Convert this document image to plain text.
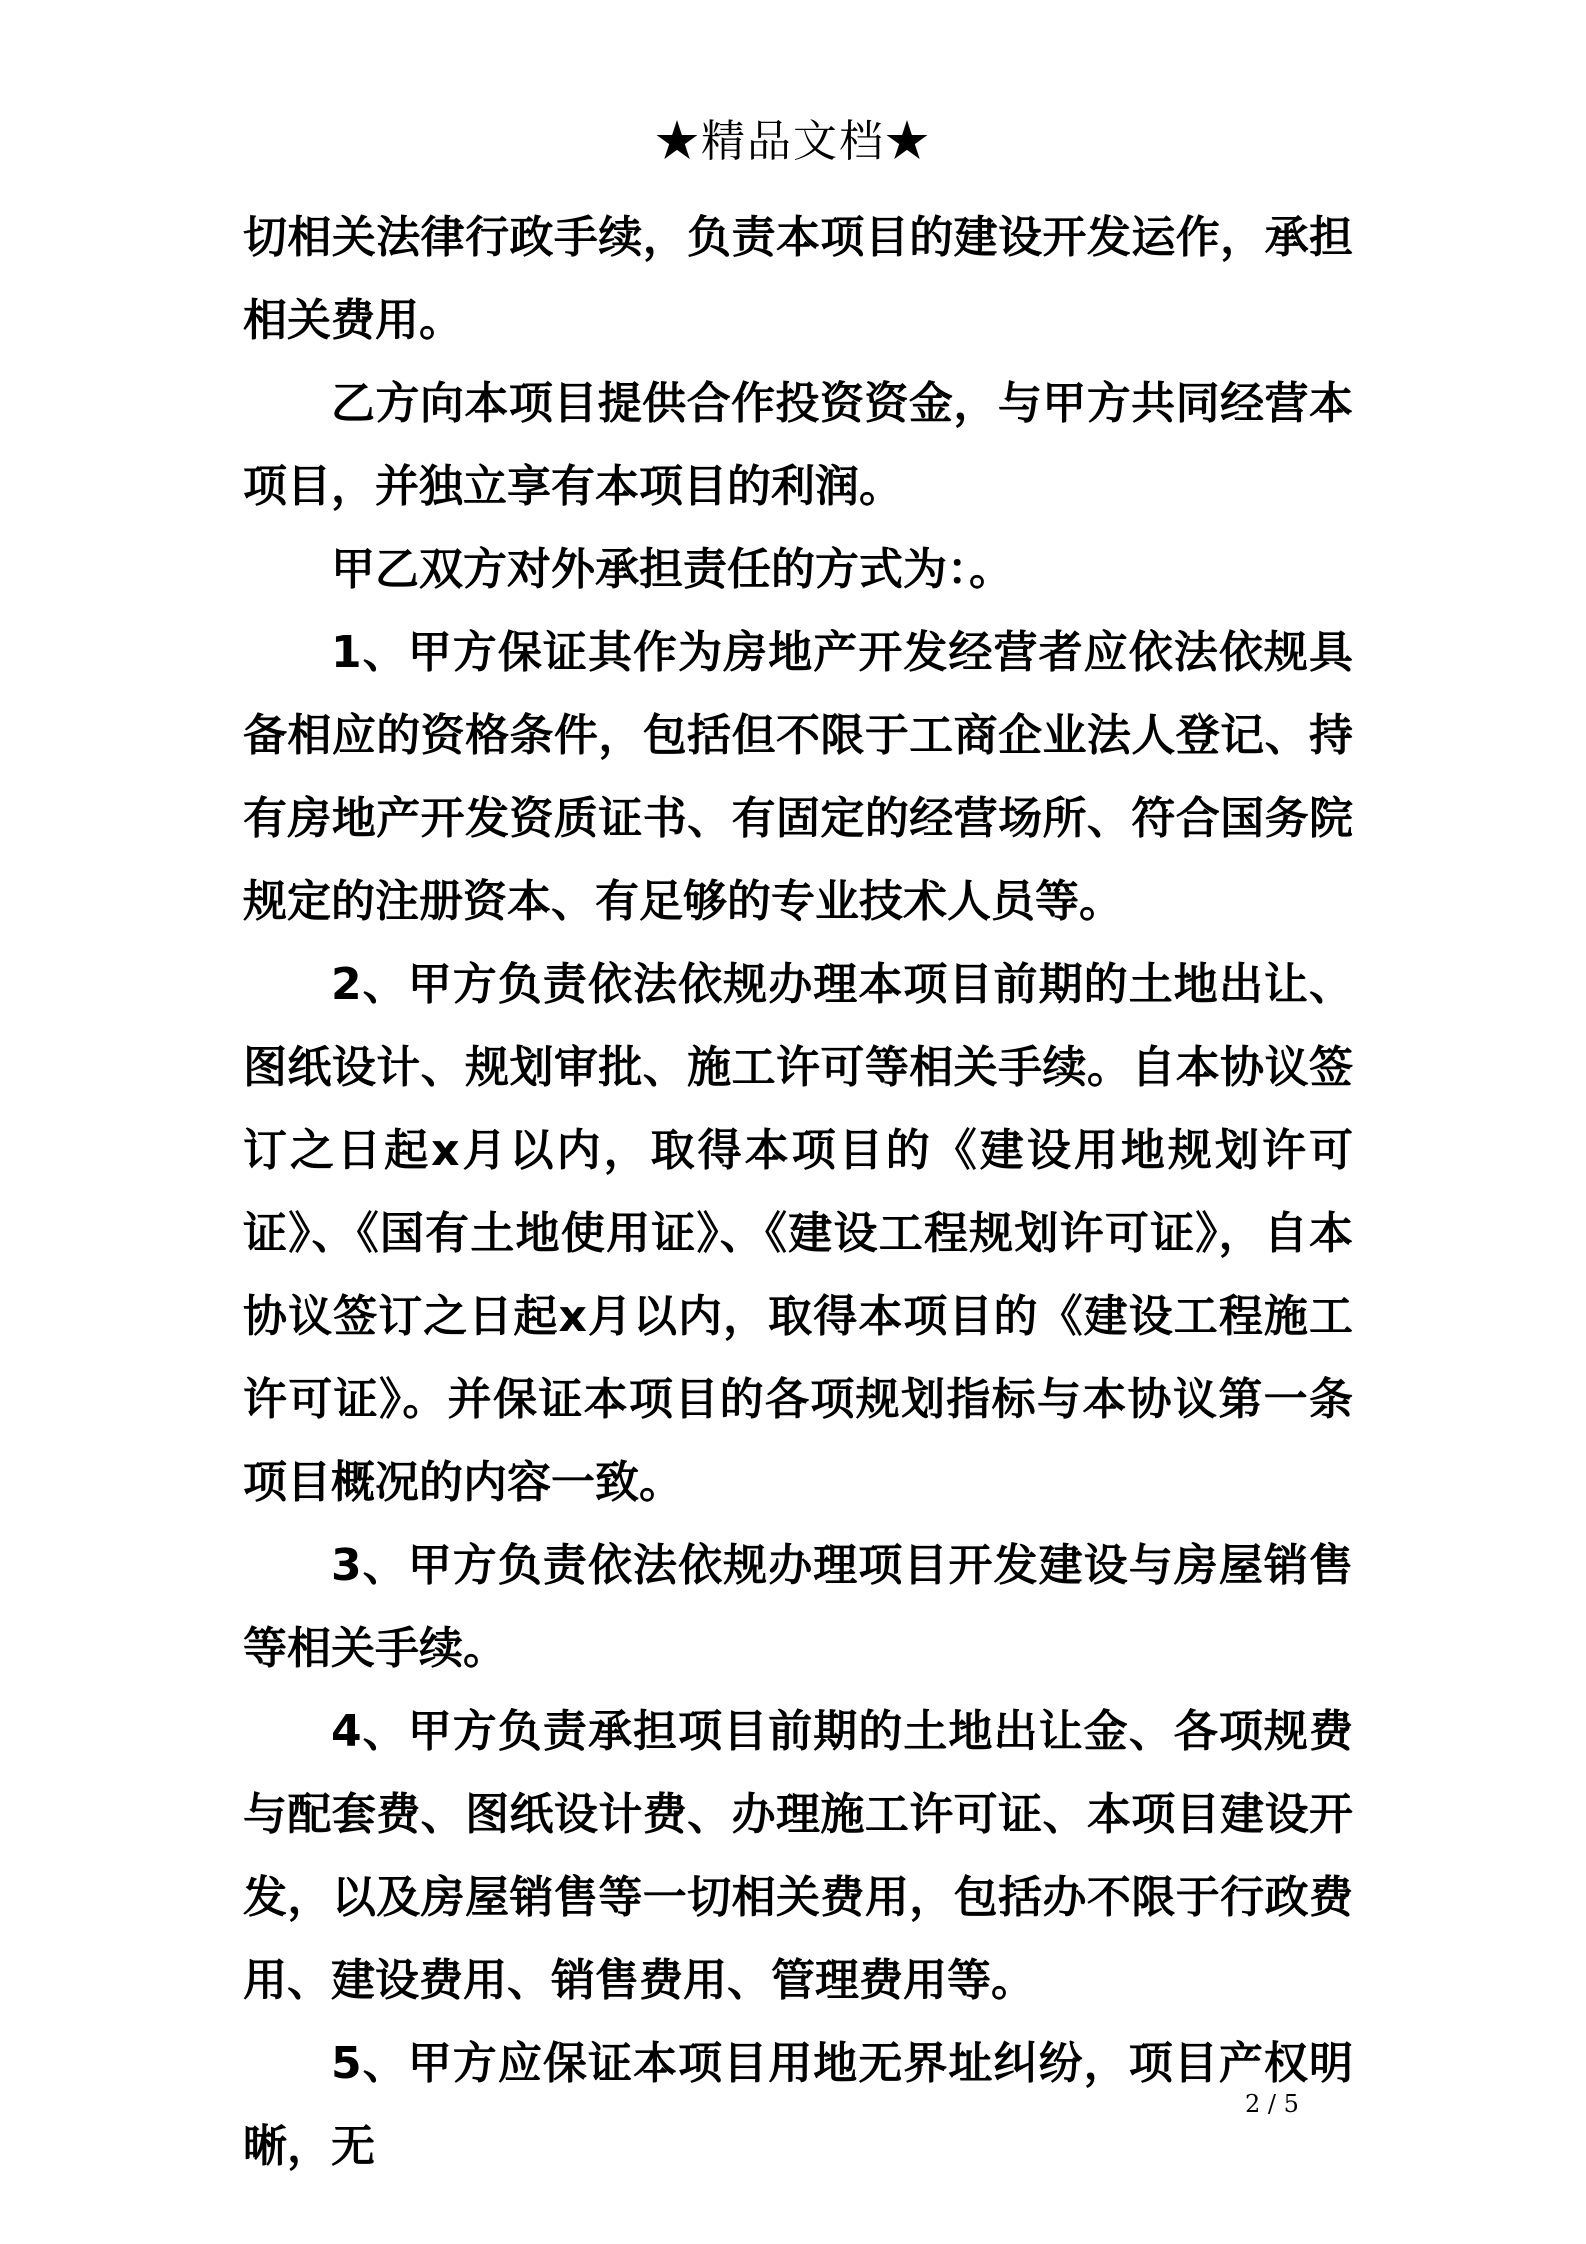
★精品文档★

切相关法律行政手续，负责本项目的建设开发运作，承担相关费用。

乙方向本项目提供合作投资资金，与甲方共同经营本项目，并独立享有本项目的利润。

甲乙双方对外承担责任的方式为：。

1、甲方保证其作为房地产开发经营者应依法依规具备相应的资格条件，包括但不限于工商企业法人登记、持有房地产开发资质证书、有固定的经营场所、符合国务院规定的注册资本、有足够的专业技术人员等。

2、甲方负责依法依规办理本项目前期的土地出让、图纸设计、规划审批、施工许可等相关手续。自本协议签订之日起x月以内，取得本项目的《建设用地规划许可证》、《国有土地使用证》、《建设工程规划许可证》，自本协议签订之日起x月以内，取得本项目的《建设工程施工许可证》。并保证本项目的各项规划指标与本协议第一条项目概况的内容一致。

3、甲方负责依法依规办理项目开发建设与房屋销售等相关手续。

4、甲方负责承担项目前期的土地出让金、各项规费与配套费、图纸设计费、办理施工许可证、本项目建设开发，以及房屋销售等一切相关费用，包括办不限于行政费用、建设费用、销售费用、管理费用等。

5、甲方应保证本项目用地无界址纠纷，项目产权明晰，无

2 / 5
